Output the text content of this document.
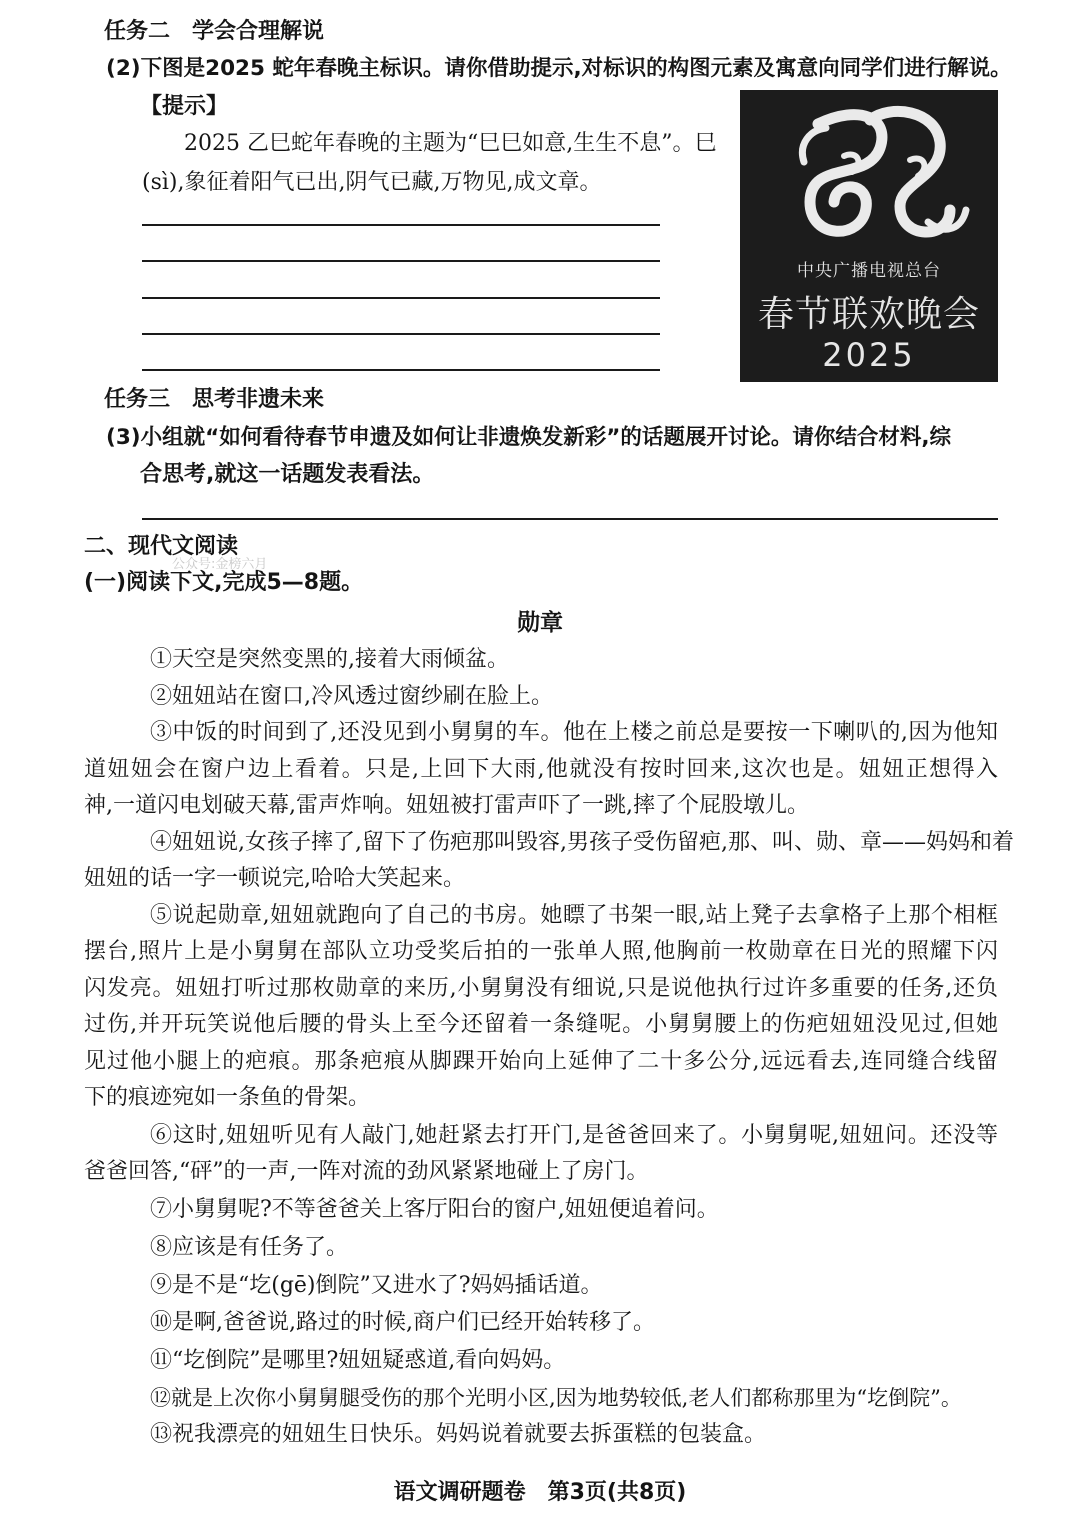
任务二　学会合理解说
(2)下图是2025 蛇年春晚主标识。请你借助提示,对标识的构图元素及寓意向同学们进行解说。
【提示】
2025 乙巳蛇年春晚的主题为“巳巳如意,生生不息”。巳
(sì),象征着阳气已出,阴气已藏,万物见,成文章。
中央广播电视总台
春节联欢晚会
2025
任务三　思考非遗未来
(3)小组就“如何看待春节申遗及如何让非遗焕发新彩”的话题展开讨论。请你结合材料,综
合思考,就这一话题发表看法。
二、现代文阅读
公众号:金榜六月
(一)阅读下文,完成5—8题。
勋章
①天空是突然变黑的,接着大雨倾盆。
②妞妞站在窗口,冷风透过窗纱刷在脸上。
③中饭的时间到了,还没见到小舅舅的车。他在上楼之前总是要按一下喇叭的,因为他知
道妞妞会在窗户边上看着。只是,上回下大雨,他就没有按时回来,这次也是。妞妞正想得入
神,一道闪电划破天幕,雷声炸响。妞妞被打雷声吓了一跳,摔了个屁股墩儿。
④妞妞说,女孩子摔了,留下了伤疤那叫毁容,男孩子受伤留疤,那、叫、勋、章——妈妈和着
妞妞的话一字一顿说完,哈哈大笑起来。
⑤说起勋章,妞妞就跑向了自己的书房。她瞟了书架一眼,站上凳子去拿格子上那个相框
摆台,照片上是小舅舅在部队立功受奖后拍的一张单人照,他胸前一枚勋章在日光的照耀下闪
闪发亮。妞妞打听过那枚勋章的来历,小舅舅没有细说,只是说他执行过许多重要的任务,还负
过伤,并开玩笑说他后腰的骨头上至今还留着一条缝呢。小舅舅腰上的伤疤妞妞没见过,但她
见过他小腿上的疤痕。那条疤痕从脚踝开始向上延伸了二十多公分,远远看去,连同缝合线留
下的痕迹宛如一条鱼的骨架。
⑥这时,妞妞听见有人敲门,她赶紧去打开门,是爸爸回来了。小舅舅呢,妞妞问。还没等
爸爸回答,“砰”的一声,一阵对流的劲风紧紧地碰上了房门。
⑦小舅舅呢?不等爸爸关上客厅阳台的窗户,妞妞便追着问。
⑧应该是有任务了。
⑨是不是“圪(gē)倒院”又进水了?妈妈插话道。
⑩是啊,爸爸说,路过的时候,商户们已经开始转移了。
⑪“圪倒院”是哪里?妞妞疑惑道,看向妈妈。
⑫就是上次你小舅舅腿受伤的那个光明小区,因为地势较低,老人们都称那里为“圪倒院”。
⑬祝我漂亮的妞妞生日快乐。妈妈说着就要去拆蛋糕的包装盒。
语文调研题卷　第3页(共8页)
